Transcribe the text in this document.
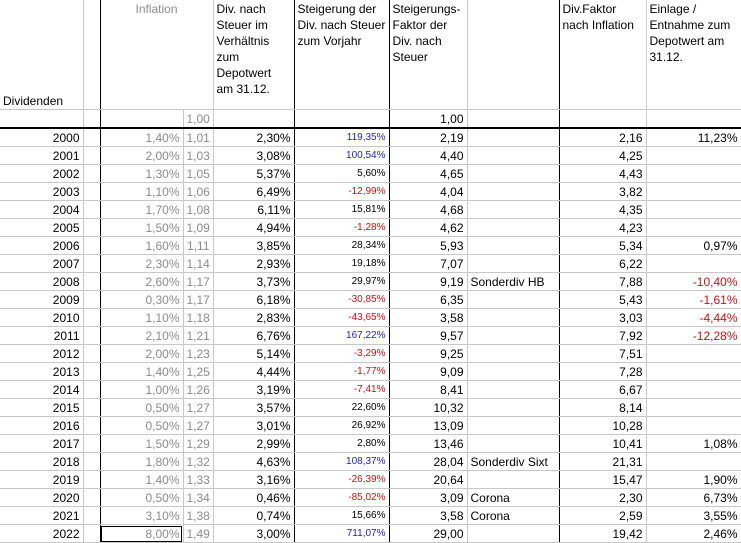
Dividenden		Inflation		Div. nach Steuer im Verhältnis zum Depotwert am 31.12.	Steigerung der Div. nach Steuer zum Vorjahr	Steigerungs-Faktor der Div. nach Steuer		Div.Faktor nach Inflation	Einlage / Entnahme zum Depotwert am 31.12.
			1,00			1,00			
2000		1,40%	1,01	2,30%	119,35%	2,19		2,16	11,23%
2001		2,00%	1,03	3,08%	100,54%	4,40		4,25	
2002		1,30%	1,05	5,37%	5,60%	4,65		4,43	
2003		1,10%	1,06	6,49%	-12,99%	4,04		3,82	
2004		1,70%	1,08	6,11%	15,81%	4,68		4,35	
2005		1,50%	1,09	4,94%	-1,28%	4,62		4,23	
2006		1,60%	1,11	3,85%	28,34%	5,93		5,34	0,97%
2007		2,30%	1,14	2,93%	19,18%	7,07		6,22	
2008		2,60%	1,17	3,73%	29,97%	9,19	Sonderdiv HB	7,88	-10,40%
2009		0,30%	1,17	6,18%	-30,85%	6,35		5,43	-1,61%
2010		1,10%	1,18	2,83%	-43,65%	3,58		3,03	-4,44%
2011		2,10%	1,21	6,76%	167,22%	9,57		7,92	-12,28%
2012		2,00%	1,23	5,14%	-3,29%	9,25		7,51	
2013		1,40%	1,25	4,44%	-1,77%	9,09		7,28	
2014		1,00%	1,26	3,19%	-7,41%	8,41		6,67	
2015		0,50%	1,27	3,57%	22,60%	10,32		8,14	
2016		0,50%	1,27	3,01%	26,92%	13,09		10,28	
2017		1,50%	1,29	2,99%	2,80%	13,46		10,41	1,08%
2018		1,80%	1,32	4,63%	108,37%	28,04	Sonderdiv Sixt	21,31	
2019		1,40%	1,33	3,16%	-26,39%	20,64		15,47	1,90%
2020		0,50%	1,34	0,46%	-85,02%	3,09	Corona	2,30	6,73%
2021		3,10%	1,38	0,74%	15,66%	3,58	Corona	2,59	3,55%
2022		8,00%	1,49	3,00%	711,07%	29,00		19,42	2,46%
